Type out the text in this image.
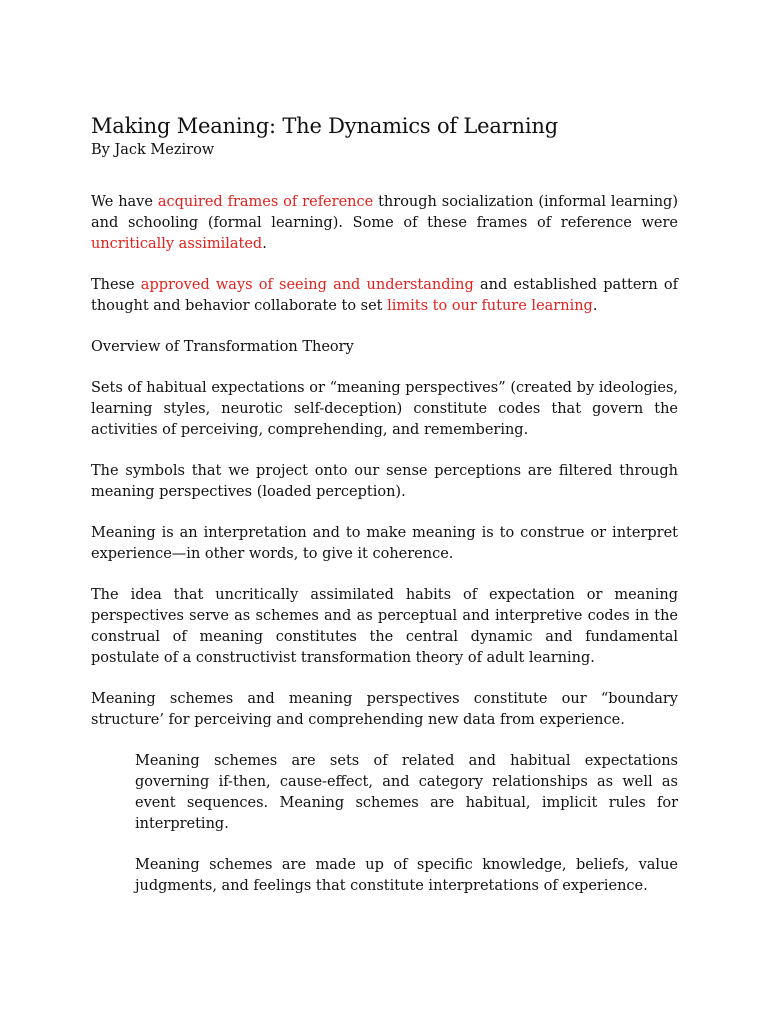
Making Meaning: The Dynamics of Learning
By Jack Mezirow

We have acquired frames of reference through socialization (informal learning) and schooling (formal learning). Some of these frames of reference were uncritically assimilated.

These approved ways of seeing and understanding and established pattern of thought and behavior collaborate to set limits to our future learning.

Overview of Transformation Theory

Sets of habitual expectations or “meaning perspectives” (created by ideologies, learning styles, neurotic self-deception) constitute codes that govern the activities of perceiving, comprehending, and remembering.

The symbols that we project onto our sense perceptions are filtered through meaning perspectives (loaded perception).

Meaning is an interpretation and to make meaning is to construe or interpret experience—in other words, to give it coherence.

The idea that uncritically assimilated habits of expectation or meaning perspectives serve as schemes and as perceptual and interpretive codes in the construal of meaning constitutes the central dynamic and fundamental postulate of a constructivist transformation theory of adult learning.

Meaning schemes and meaning perspectives constitute our “boundary structure’ for perceiving and comprehending new data from experience.

Meaning schemes are sets of related and habitual expectations governing if-then, cause-effect, and category relationships as well as event sequences. Meaning schemes are habitual, implicit rules for interpreting.

Meaning schemes are made up of specific knowledge, beliefs, value judgments, and feelings that constitute interpretations of experience.
